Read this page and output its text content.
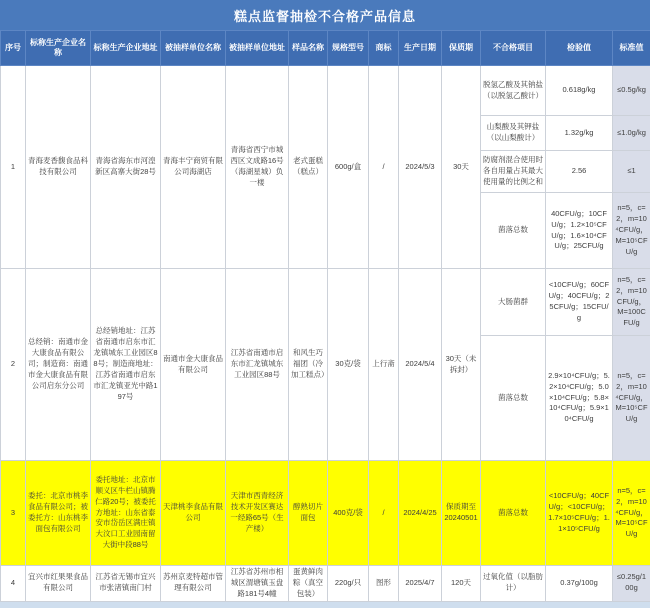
糕点监督抽检不合格产品信息
序号	标称生产企业名称	标称生产企业地址	被抽样单位名称	被抽样单位地址	样品名称	规格型号	商标	生产日期	保质期	不合格项目	检验值	标准值
1	青海麦香馥食品科技有限公司	青海省海东市河湟新区高寨大街28号	青海丰宁商贸有限公司海湖店	青海省西宁市城西区文成路16号（海湖星城）负一楼	老式蛋糕（糕点）	600g/盒	/	2024/5/3	30天	脱氢乙酸及其钠盐（以脱氢乙酸计）	0.618g/kg	≤0.5g/kg
										山梨酸及其钾盐（以山梨酸计）	1.32g/kg	≤1.0g/kg
										防腐剂混合使用时各自用量占其最大使用量的比例之和	2.56	≤1
										菌落总数	40CFU/g；10CFU/g；1.2×10⁵CFU/g；1.6×10⁴CFU/g；25CFU/g	n=5，c=2，m=10⁴CFU/g，M=10⁵CFU/g
2	总经销：南通市金大康食品有限公司；制造商：南通市金大康食品有限公司启东分公司	总经销地址：江苏省南通市启东市汇龙镇城东工业园区88号；制造商地址：江苏省南通市启东市汇龙镇亚光中路197号	南通市金大康食品有限公司	江苏省南通市启东市汇龙镇城东工业园区88号	和风生巧福团（冷加工糕点）	30克/袋	上行斋	2024/5/4	30天（未拆封）	大肠菌群	<10CFU/g；60CFU/g；40CFU/g；25CFU/g；15CFU/g	n=5，c=2，m=10CFU/g，M=100CFU/g
										菌落总数	2.9×10⁴CFU/g；5.2×10⁴CFU/g；5.0×10⁴CFU/g；5.8×10⁴CFU/g；5.9×10⁴CFU/g	n=5，c=2，m=10⁴CFU/g，M=10⁵CFU/g
3	委托：北京市桃李食品有限公司；被委托方：山东桃李面包有限公司	委托地址：北京市顺义区牛栏山镇腾仁路20号；被委托方地址：山东省泰安市岱岳区满庄镇大汶口工业园南留大街中段88号	天津桃李食品有限公司	天津市西青经济技术开发区赛达一经路65号（生产楼）	醇熟切片面包	400克/袋	/	2024/4/25	保质期至20240501	菌落总数	<10CFU/g；40CFU/g；<10CFU/g；1.7×10⁵CFU/g；1.1×10⁵CFU/g	n=5，c=2，m=10⁴CFU/g，M=10⁵CFU/g
4	宜兴市红果果食品有限公司	江苏省无锡市宜兴市张渚镇南门村	苏州京麦特超市管理有限公司	江苏省苏州市相城区渭塘镇玉盘路181号4幢	蛋黄鲜肉粽（真空包装）	220g/只	图形	2025/4/7	120天	过氧化值（以脂肪计）	0.37g/100g	≤0.25g/100g
